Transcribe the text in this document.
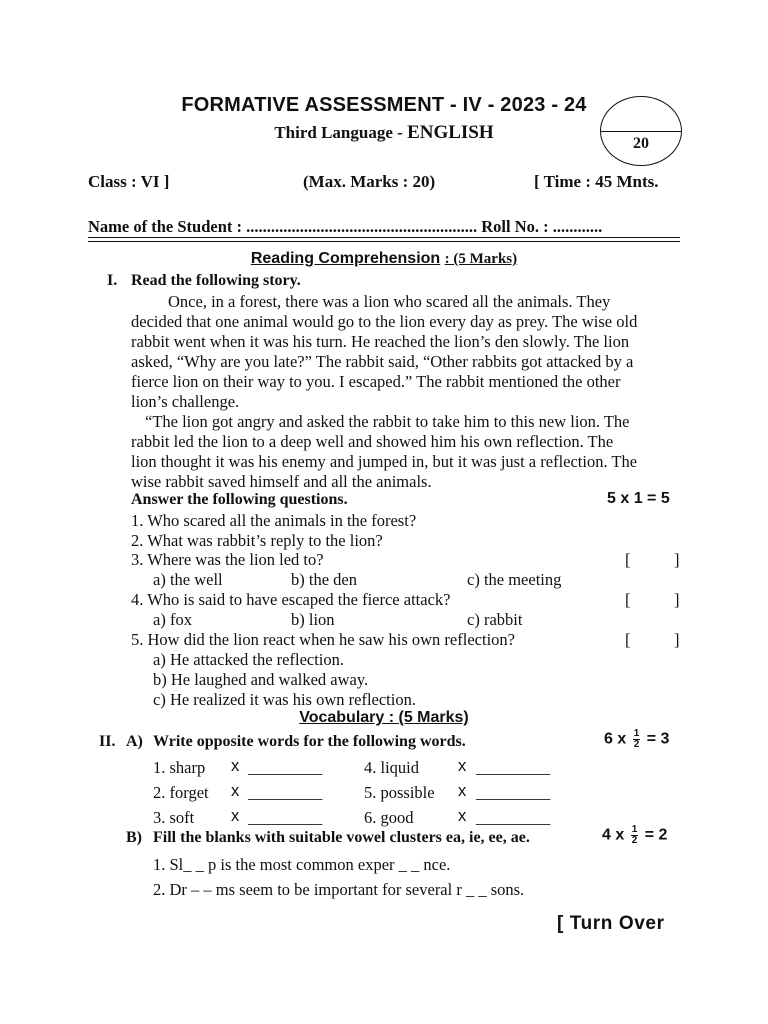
FORMATIVE ASSESSMENT - IV - 2023 - 24
Third Language - ENGLISH
20
Class : VI ]	(Max. Marks : 20)	[ Time : 45 Mnts.
Name of the Student : ........................................................ Roll No. : ............
Reading Comprehension : (5 Marks)
I. Read the following story.
Once, in a forest, there was a lion who scared all the animals. They
decided that one animal would go to the lion every day as prey. The wise old
rabbit went when it was his turn. He reached the lion’s den slowly. The lion
asked, “Why are you late?” The rabbit said, “Other rabbits got attacked by a
fierce lion on their way to you. I escaped.” The rabbit mentioned the other
lion’s challenge.
“The lion got angry and asked the rabbit to take him to this new lion. The
rabbit led the lion to a deep well and showed him his own reflection. The
lion thought it was his enemy and jumped in, but it was just a reflection. The
wise rabbit saved himself and all the animals.
Answer the following questions.	5 x 1 = 5
1. Who scared all the animals in the forest?
2. What was rabbit’s reply to the lion?
3. Where was the lion led to?	[	]
a) the well	b) the den	c) the meeting
4. Who is said to have escaped the fierce attack?	[	]
a) fox	b) lion	c) rabbit
5. How did the lion react when he saw his own reflection?	[	]
a) He attacked the reflection.
b) He laughed and walked away.
c) He realized it was his own reflection.
Vocabulary : (5 Marks)
II. A) Write opposite words for the following words.	6 x $\frac{1}{2} = 3$
1. sharp x _________	4. liquid x _________
2. forget x _________	5. possible x _________
3. soft x _________	6. good	x _________
B) Fill the blanks with suitable vowel clusters ea, ie, ee, ae.	4 x $\frac{1}{2} = 2$
1. Sl_ _ p is the most common exper _ _ nce.
2. Dr – – ms seem to be important for several r _ _ sons.
[ Turn Over
